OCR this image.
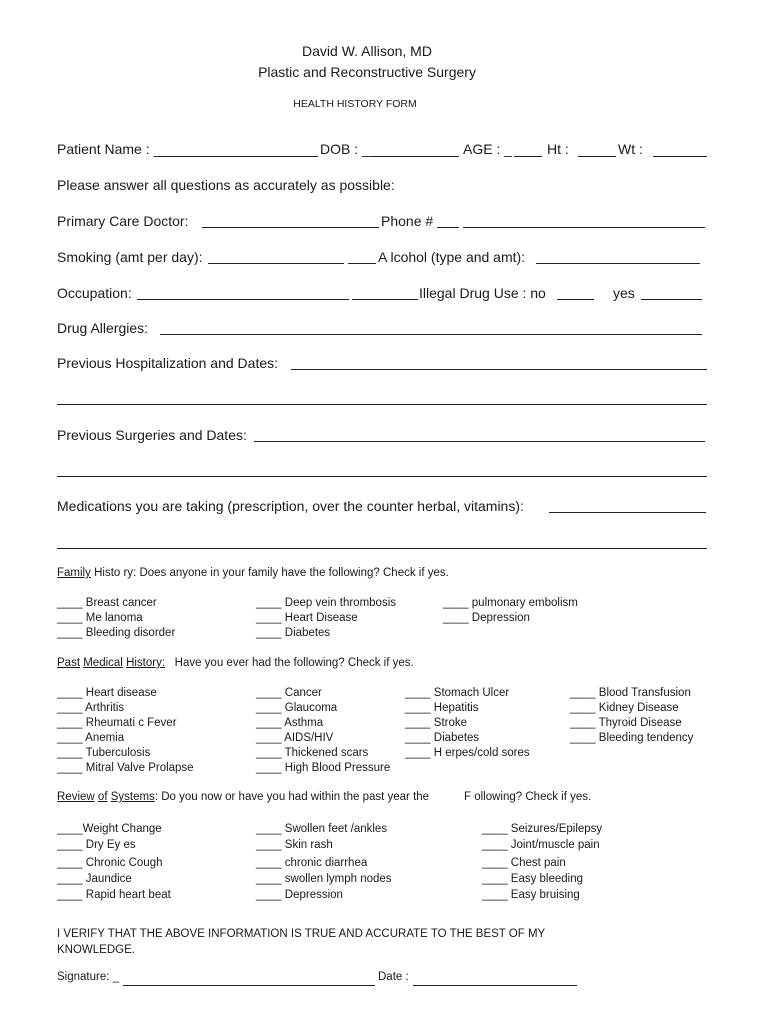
David W. Allison, MD
Plastic and Reconstructive Surgery
HEALTH HISTORY FORM
Patient Name : _	DOB : _	AGE : _ Ht :	Wt :
Please answer all questions as accurately as possible:
Primary Care Doctor:	Phone #
Smoking (amt per day):	A lcohol (type and amt):
Occupation:	Illegal Drug Use : no	yes
Drug Allergies:
Previous Hospitalization and Dates:
Previous Surgeries and Dates:
Medications you are taking (prescription, over the counter herbal, vitamins):
Family Histo ry: Does anyone in your family have the following? Check if yes.
____ Breast cancer
____ Me lanoma
____ Bleeding disorder
____ Deep vein thrombosis
____ Heart Disease
____ Diabetes
____ pulmonary embolism
____ Depression
Past Medical History: Have you ever had the following? Check if yes.
____ Heart disease
____ Arthritis
____ Rheumati c Fever
____ Anemia
____ Tuberculosis
____ Mitral Valve Prolapse
____ Cancer
____ Glaucoma
____ Asthma
____ AIDS/HIV
____ Thickened scars
____ High Blood Pressure
____ Stomach Ulcer
____ Hepatitis
____ Stroke
____ Diabetes
____ H erpes/cold sores
____ Blood Transfusion
____ Kidney Disease
____ Thyroid Disease
____ Bleeding tendency
Review of Systems: Do you now or have you had within the past year the	F ollowing? Check if yes.
____Weight Change
____ Dry Ey es
____ Chronic Cough
____ Jaundice
____ Rapid heart beat
____ Swollen feet /ankles
____ Skin rash
____ chronic diarrhea
____ swollen lymph nodes
____ Depression
____ Seizures/Epilepsy
____ Joint/muscle pain
____ Chest pain
____ Easy bleeding
____ Easy bruising
I VERIFY THAT THE ABOVE INFORMATION IS TRUE AND ACCURATE TO THE BEST OF MY
KNOWLEDGE.
Signature: _	Date :
